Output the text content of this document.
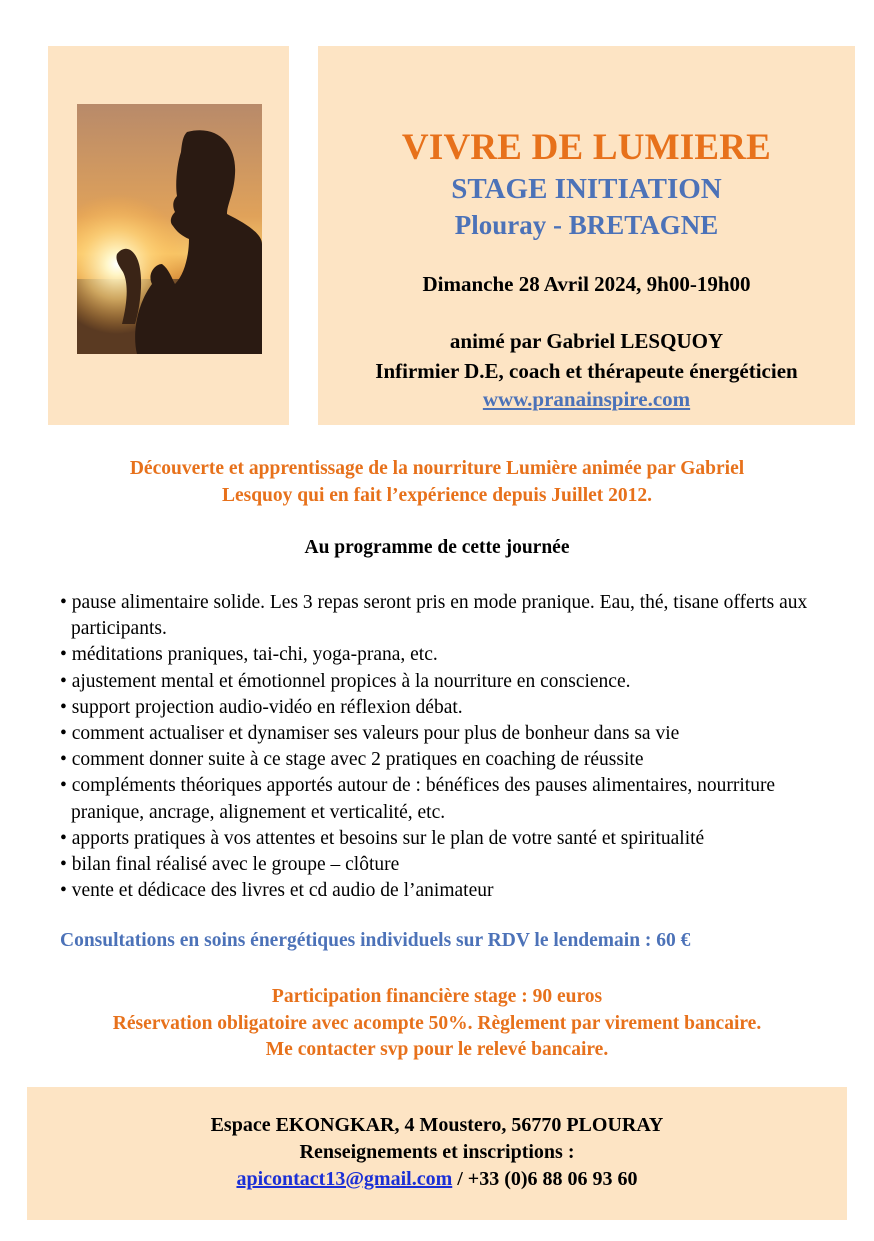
VIVRE DE LUMIERE
STAGE INITIATION
Plouray - BRETAGNE
Dimanche 28 Avril 2024, 9h00-19h00
animé par Gabriel LESQUOY
Infirmier D.E, coach et thérapeute énergéticien
www.pranainspire.com
Découverte et apprentissage de la nourriture Lumière animée par Gabriel
Lesquoy qui en fait l’expérience depuis Juillet 2012.
Au programme de cette journée
• pause alimentaire solide. Les 3 repas seront pris en mode pranique. Eau, thé, tisane offerts aux participants.
• méditations praniques, tai-chi, yoga-prana, etc.
• ajustement mental et émotionnel propices à la nourriture en conscience.
• support projection audio-vidéo en réflexion débat.
• comment actualiser et dynamiser ses valeurs pour plus de bonheur dans sa vie
• comment donner suite à ce stage avec 2 pratiques en coaching de réussite
• compléments théoriques apportés autour de : bénéfices des pauses alimentaires, nourriture pranique, ancrage, alignement et verticalité, etc.
• apports pratiques à vos attentes et besoins sur le plan de votre santé et spiritualité
• bilan final réalisé avec le groupe – clôture
• vente et dédicace des livres et cd audio de l’animateur
Consultations en soins énergétiques individuels sur RDV le lendemain : 60 €
Participation financière stage : 90 euros
Réservation obligatoire avec acompte 50%. Règlement par virement bancaire.
Me contacter svp pour le relevé bancaire.
Espace EKONGKAR, 4 Moustero, 56770 PLOURAY
Renseignements et inscriptions :
apicontact13@gmail.com / +33 (0)6 88 06 93 60
